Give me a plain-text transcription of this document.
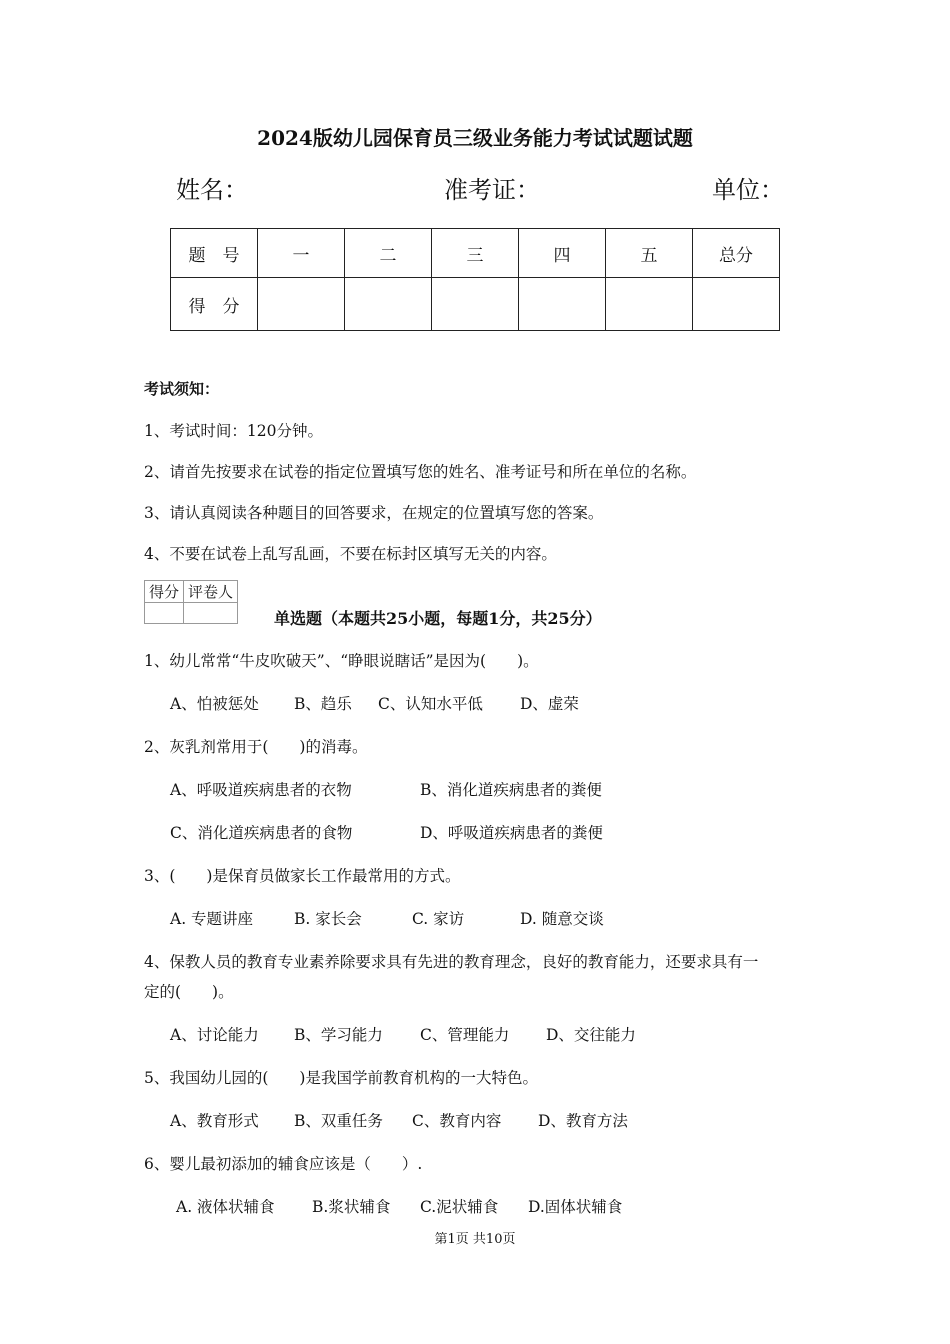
2024版幼儿园保育员三级业务能力考试试题试题
姓名：	准考证：	单位：
题　号	一	二	三	四	五	总分
得　分						
考试须知：
1、考试时间：120分钟。
2、请首先按要求在试卷的指定位置填写您的姓名、准考证号和所在单位的名称。
3、请认真阅读各种题目的回答要求，在规定的位置填写您的答案。
4、不要在试卷上乱写乱画，不要在标封区填写无关的内容。
得分	评卷人

单选题（本题共25小题，每题1分，共25分）
1、幼儿常常“牛皮吹破天”、“睁眼说瞎话”是因为(　　)。
A、怕被惩处 B、趋乐 C、认知水平低 D、虚荣
2、灰乳剂常用于(　　)的消毒。
A、呼吸道疾病患者的衣物	B、消化道疾病患者的粪便
C、消化道疾病患者的食物	D、呼吸道疾病患者的粪便
3、(　　)是保育员做家长工作最常用的方式。
A. 专题讲座	B. 家长会	C. 家访	D. 随意交谈
4、保教人员的教育专业素养除要求具有先进的教育理念，良好的教育能力，还要求具有一
定的(　　)。
A、讨论能力 B、学习能力 C、管理能力 D、交往能力
5、我国幼儿园的(　　)是我国学前教育机构的一大特色。
A、教育形式 B、双重任务 C、教育内容 D、教育方法
6、婴儿最初添加的辅食应该是（　　）.
A. 液体状辅食 B.浆状辅食 C.泥状辅食 D.固体状辅食
第1页 共10页
